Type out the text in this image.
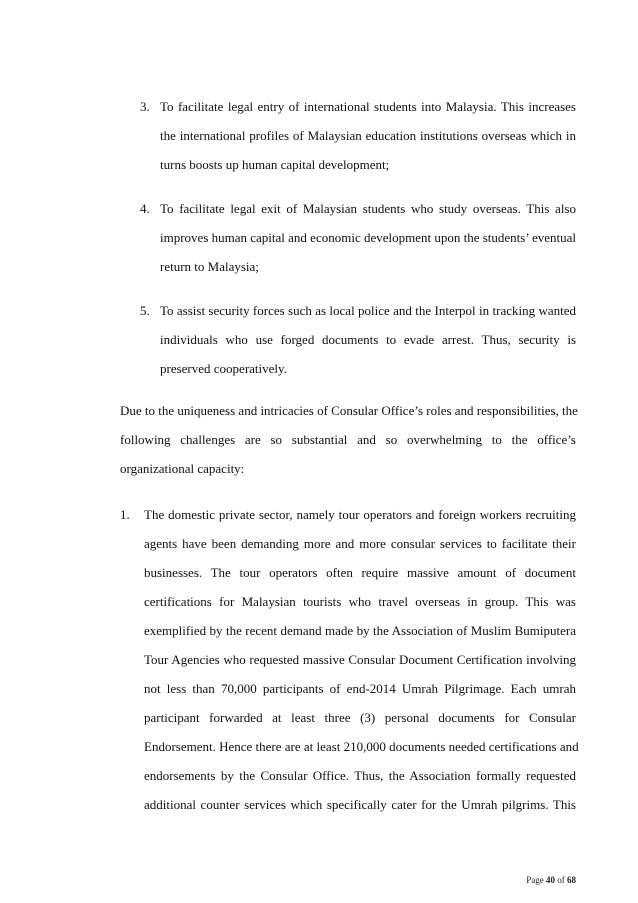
3. To facilitate legal entry of international students into Malaysia. This increases
the international profiles of Malaysian education institutions overseas which in
turns boosts up human capital development;
4. To facilitate legal exit of Malaysian students who study overseas. This also
improves human capital and economic development upon the students’ eventual
return to Malaysia;
5. To assist security forces such as local police and the Interpol in tracking wanted
individuals who use forged documents to evade arrest. Thus, security is
preserved cooperatively.
Due to the uniqueness and intricacies of Consular Office’s roles and responsibilities, the
following challenges are so substantial and so overwhelming to the office’s
organizational capacity:
1. The domestic private sector, namely tour operators and foreign workers recruiting
agents have been demanding more and more consular services to facilitate their
businesses. The tour operators often require massive amount of document
certifications for Malaysian tourists who travel overseas in group. This was
exemplified by the recent demand made by the Association of Muslim Bumiputera
Tour Agencies who requested massive Consular Document Certification involving
not less than 70,000 participants of end-2014 Umrah Pilgrimage. Each umrah
participant forwarded at least three (3) personal documents for Consular
Endorsement. Hence there are at least 210,000 documents needed certifications and
endorsements by the Consular Office. Thus, the Association formally requested
additional counter services which specifically cater for the Umrah pilgrims. This
Page 40 of 68
